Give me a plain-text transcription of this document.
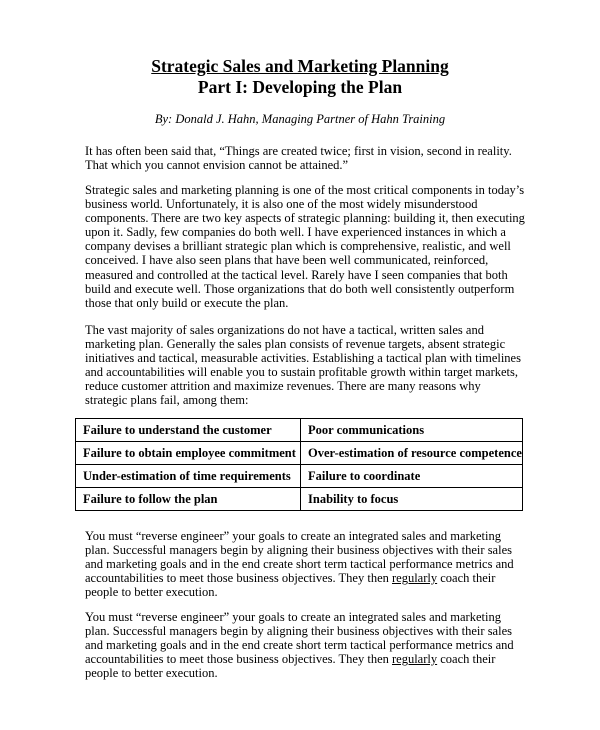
Strategic Sales and Marketing Planning
Part I: Developing the Plan
By: Donald J. Hahn, Managing Partner of Hahn Training
It has often been said that, “Things are created twice; first in vision, second in reality. That which you cannot envision cannot be attained.”
Strategic sales and marketing planning is one of the most critical components in today’s business world. Unfortunately, it is also one of the most widely misunderstood components. There are two key aspects of strategic planning: building it, then executing upon it. Sadly, few companies do both well. I have experienced instances in which a company devises a brilliant strategic plan which is comprehensive, realistic, and well conceived. I have also seen plans that have been well communicated, reinforced, measured and controlled at the tactical level. Rarely have I seen companies that both build and execute well. Those organizations that do both well consistently outperform those that only build or execute the plan.
The vast majority of sales organizations do not have a tactical, written sales and marketing plan. Generally the sales plan consists of revenue targets, absent strategic initiatives and tactical, measurable activities. Establishing a tactical plan with timelines and accountabilities will enable you to sustain profitable growth within target markets, reduce customer attrition and maximize revenues. There are many reasons why strategic plans fail, among them:
Failure to understand the customer	Poor communications
Failure to obtain employee commitment	Over-estimation of resource competence
Under-estimation of time requirements	Failure to coordinate
Failure to follow the plan	Inability to focus
You must “reverse engineer” your goals to create an integrated sales and marketing plan. Successful managers begin by aligning their business objectives with their sales and marketing goals and in the end create short term tactical performance metrics and accountabilities to meet those business objectives. They then regularly coach their people to better execution.
You must “reverse engineer” your goals to create an integrated sales and marketing plan. Successful managers begin by aligning their business objectives with their sales and marketing goals and in the end create short term tactical performance metrics and accountabilities to meet those business objectives. They then regularly coach their people to better execution.
